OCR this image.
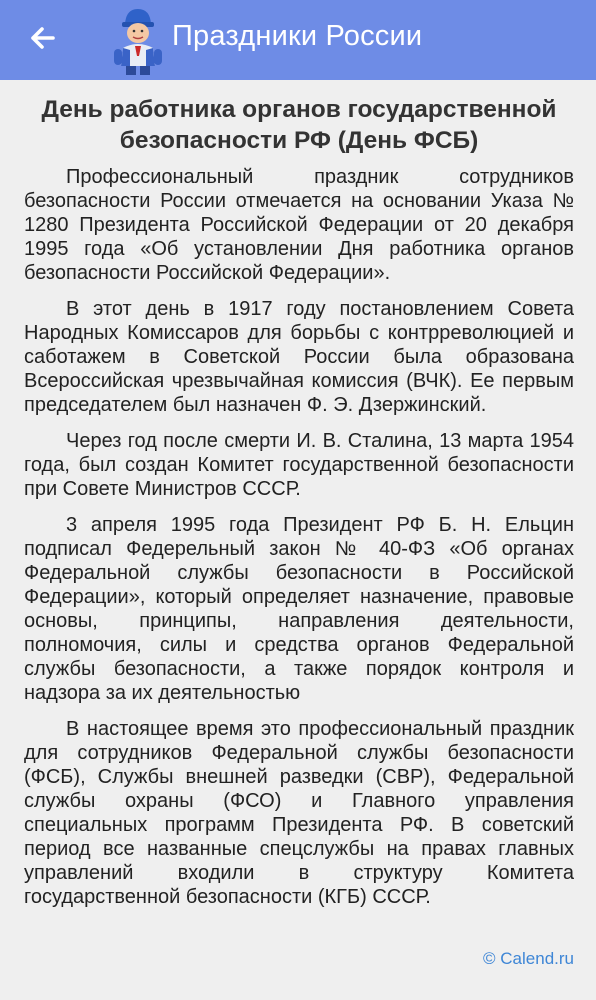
Праздники России
День работника органов государственной безопасности РФ (День ФСБ)

Профессиональный праздник сотрудников безопасности России отмечается на основании Указа № 1280 Президента Российской Федерации от 20 декабря 1995 года «Об установлении Дня работника органов безопасности Российской Федерации».

В этот день в 1917 году постановлением Совета Народных Комиссаров для борьбы с контрреволюцией и саботажем в Советской России была образована Всероссийская чрезвычайная комиссия (ВЧК). Ее первым председателем был назначен Ф. Э. Дзержинский.

Через год после смерти И. В. Сталина, 13 марта 1954 года, был создан Комитет государственной безопасности при Совете Министров СССР.

3 апреля 1995 года Президент РФ Б. Н. Ельцин подписал Федерельный закон № 40-ФЗ «Об органах Федеральной службы безопасности в Российской Федерации», который определяет назначение, правовые основы, принципы, направления деятельности, полномочия, силы и средства органов Федеральной службы безопасности, а также порядок контроля и надзора за их деятельностью

В настоящее время это профессиональный праздник для сотрудников Федеральной службы безопасности (ФСБ), Службы внешней разведки (СВР), Федеральной службы охраны (ФСО) и Главного управления специальных программ Президента РФ. В советский период все названные спецслужбы на правах главных управлений входили в структуру Комитета государственной безопасности (КГБ) СССР.

© Calend.ru
